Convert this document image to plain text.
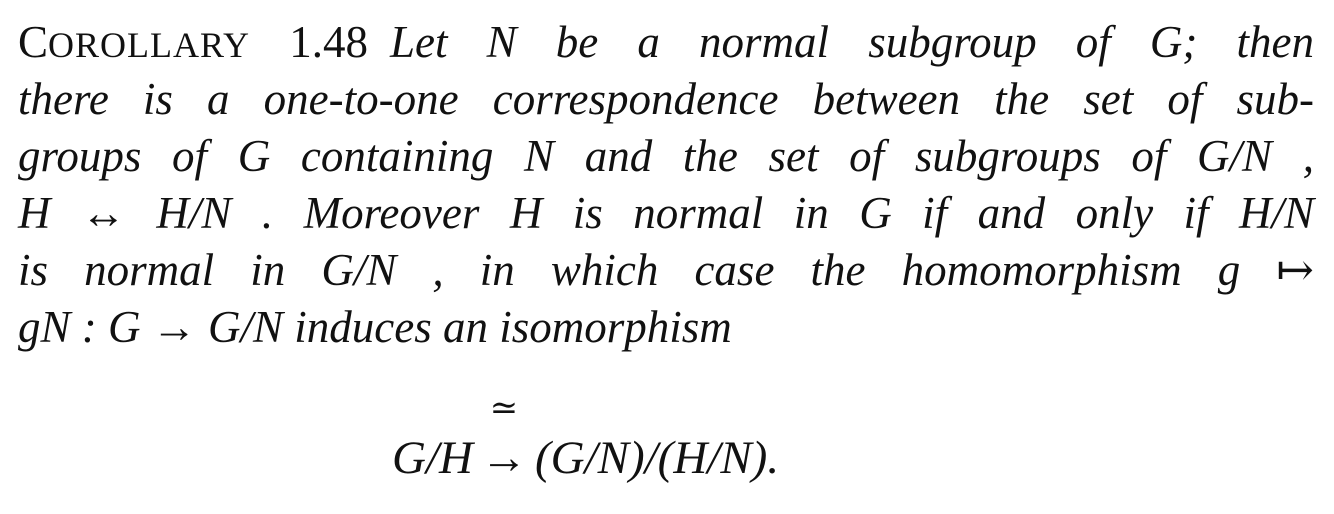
COROLLARY 1.48 Let N be a normal subgroup of G; then
there is a one-to-one correspondence between the set of sub-
groups of G containing N and the set of subgroups of G/N ,
H ↔ H/N . Moreover H is normal in G if and only if H/N
is normal in G/N , in which case the homomorphism g ↦
gN : G → G/N induces an isomorphism
G/H
≃
→ (G/N)/(H/N).
